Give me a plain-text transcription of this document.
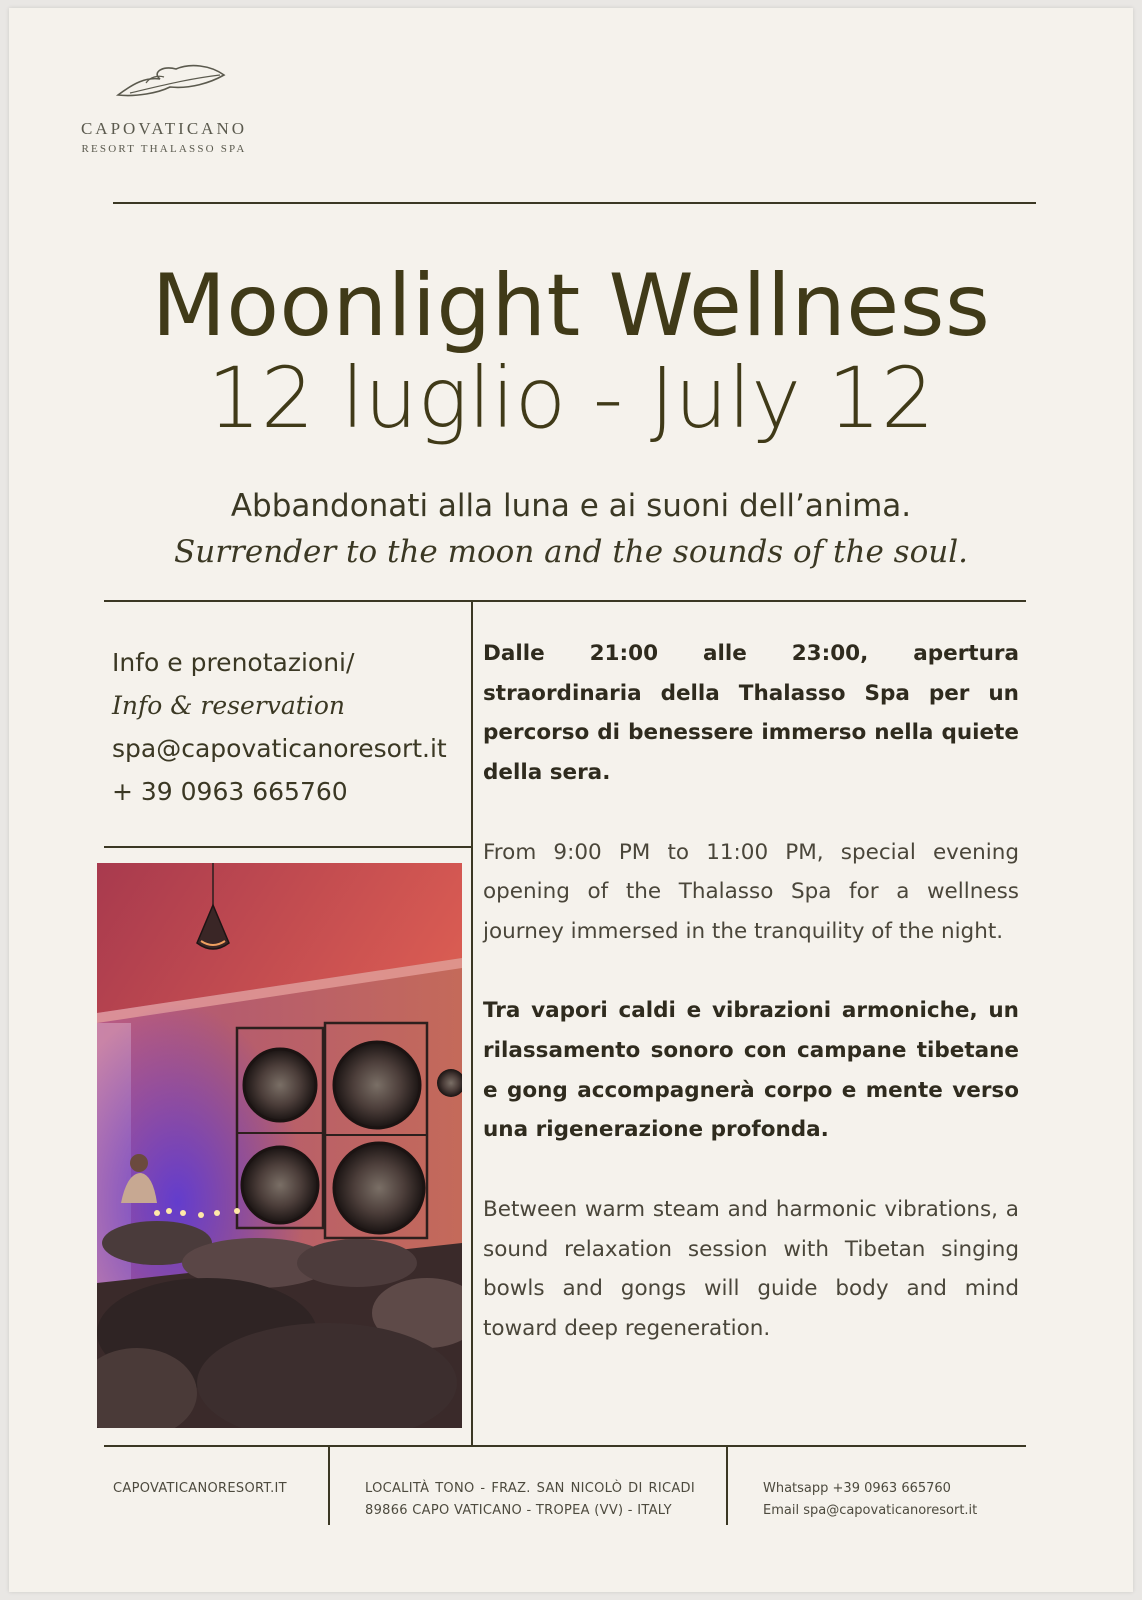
CAPOVATICANO
RESORT THALASSO SPA
Moonlight Wellness
12 luglio - July 12
Abbandonati alla luna e ai suoni dell’anima.
Surrender to the moon and the sounds of the soul.
Info e prenotazioni/
Info & reservation
spa@capovaticanoresort.it
+ 39 0963 665760

Dalle 21:00 alle 23:00, apertura straordinaria della Thalasso Spa per un percorso di benessere immerso nella quiete della sera.

From 9:00 PM to 11:00 PM, special evening opening of the Thalasso Spa for a wellness journey immersed in the tranquility of the night.

Tra vapori caldi e vibrazioni armoniche, un rilassamento sonoro con campane tibetane e gong accompagnerà corpo e mente verso una rigenerazione profonda.

Between warm steam and harmonic vibrations, a sound relaxation session with Tibetan singing bowls and gongs will guide body and mind toward deep regeneration.

CAPOVATICANORESORT.IT	LOCALITÀ TONO - FRAZ. SAN NICOLÒ DI RICADI 89866 CAPO VATICANO - TROPEA (VV) - ITALY
Whatsapp +39 0963 665760
Email spa@capovaticanoresort.it
